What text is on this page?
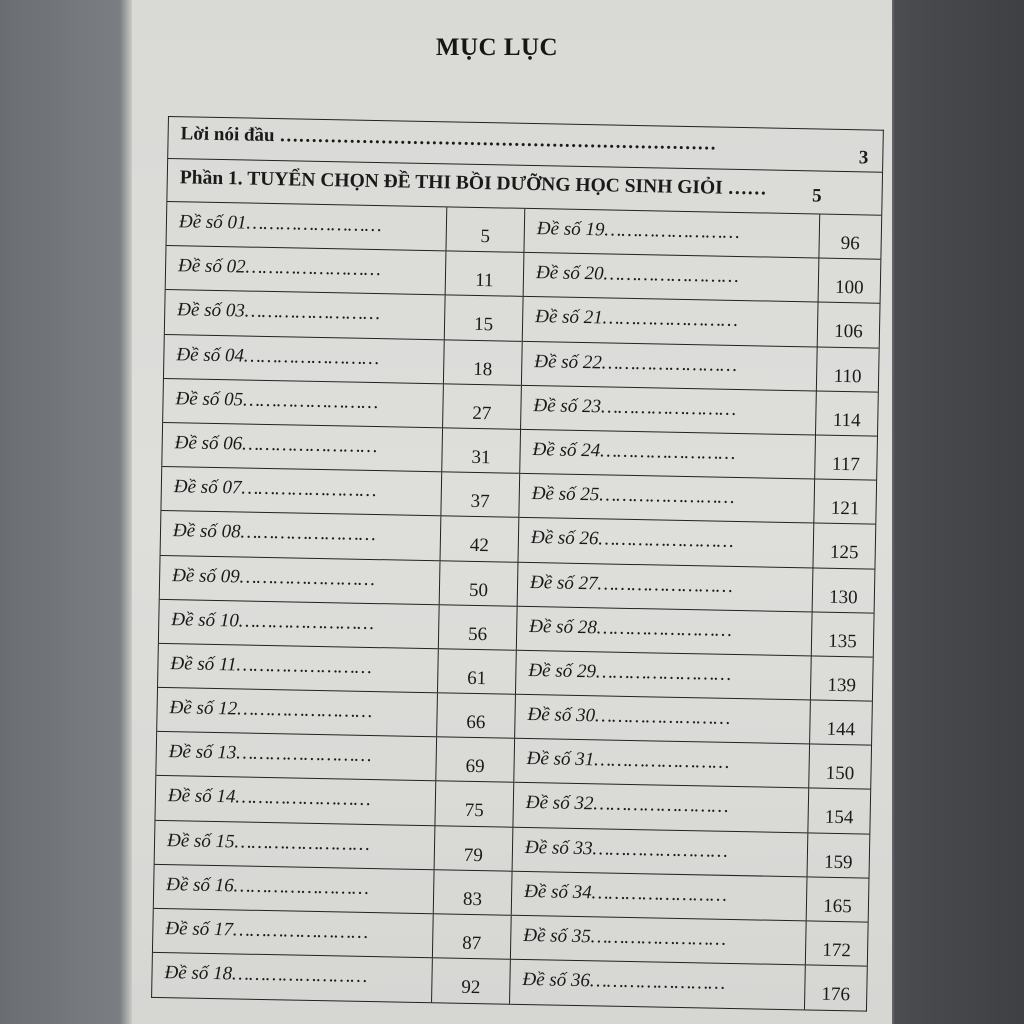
MỤC LỤC
Lời nói đầu ……………………………………………………………
3
Phần 1. TUYỂN CHỌN ĐỀ THI BỒI DƯỠNG HỌC SINH GIỎI …… 5
Đề số 01……………………
5
Đề số 02……………………
11
Đề số 03……………………
15
Đề số 04……………………
18
Đề số 05……………………
27
Đề số 06……………………
31
Đề số 07……………………
37
Đề số 08……………………
42
Đề số 09……………………
50
Đề số 10……………………
56
Đề số 11……………………
61
Đề số 12……………………
66
Đề số 13……………………
69
Đề số 14……………………
75
Đề số 15……………………
79
Đề số 16……………………
83
Đề số 17……………………
87
Đề số 18……………………
92
Đề số 19……………………
96
Đề số 20……………………
100
Đề số 21……………………
106
Đề số 22……………………
110
Đề số 23……………………
114
Đề số 24……………………
117
Đề số 25……………………
121
Đề số 26……………………
125
Đề số 27……………………
130
Đề số 28……………………
135
Đề số 29……………………
139
Đề số 30……………………
144
Đề số 31……………………
150
Đề số 32……………………
154
Đề số 33……………………
159
Đề số 34……………………
165
Đề số 35……………………
172
Đề số 36……………………
176
